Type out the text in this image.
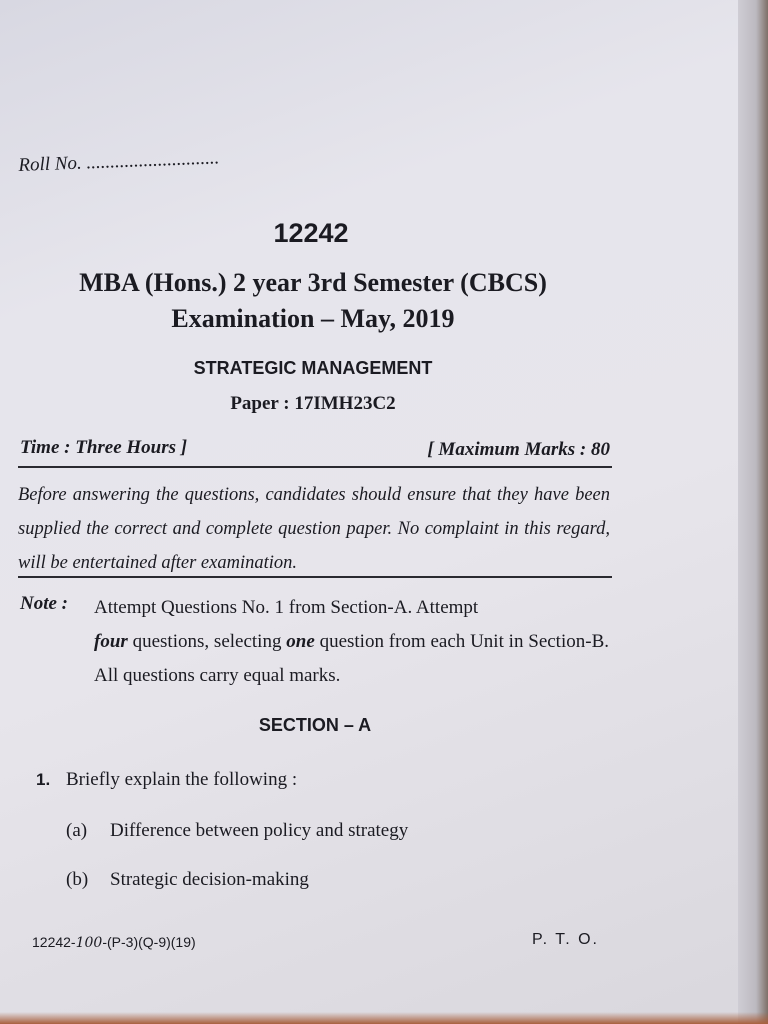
Roll No. ............................
12242
MBA (Hons.) 2 year 3rd Semester (CBCS)
Examination – May, 2019
STRATEGIC MANAGEMENT
Paper : 17IMH23C2
Time : Three Hours ]	[ Maximum Marks : 80
Before answering the questions, candidates should ensure that they have been supplied the correct and complete question paper. No complaint in this regard, will be entertained after examination.
Note : Attempt Questions No. 1 from Section-A. Attempt
four questions, selecting one question from each Unit in Section-B. All questions carry equal marks.
SECTION – A
1. Briefly explain the following :
(a) Difference between policy and strategy
(b) Strategic decision-making
12242-100-(P-3)(Q-9)(19)	P. T. O.
